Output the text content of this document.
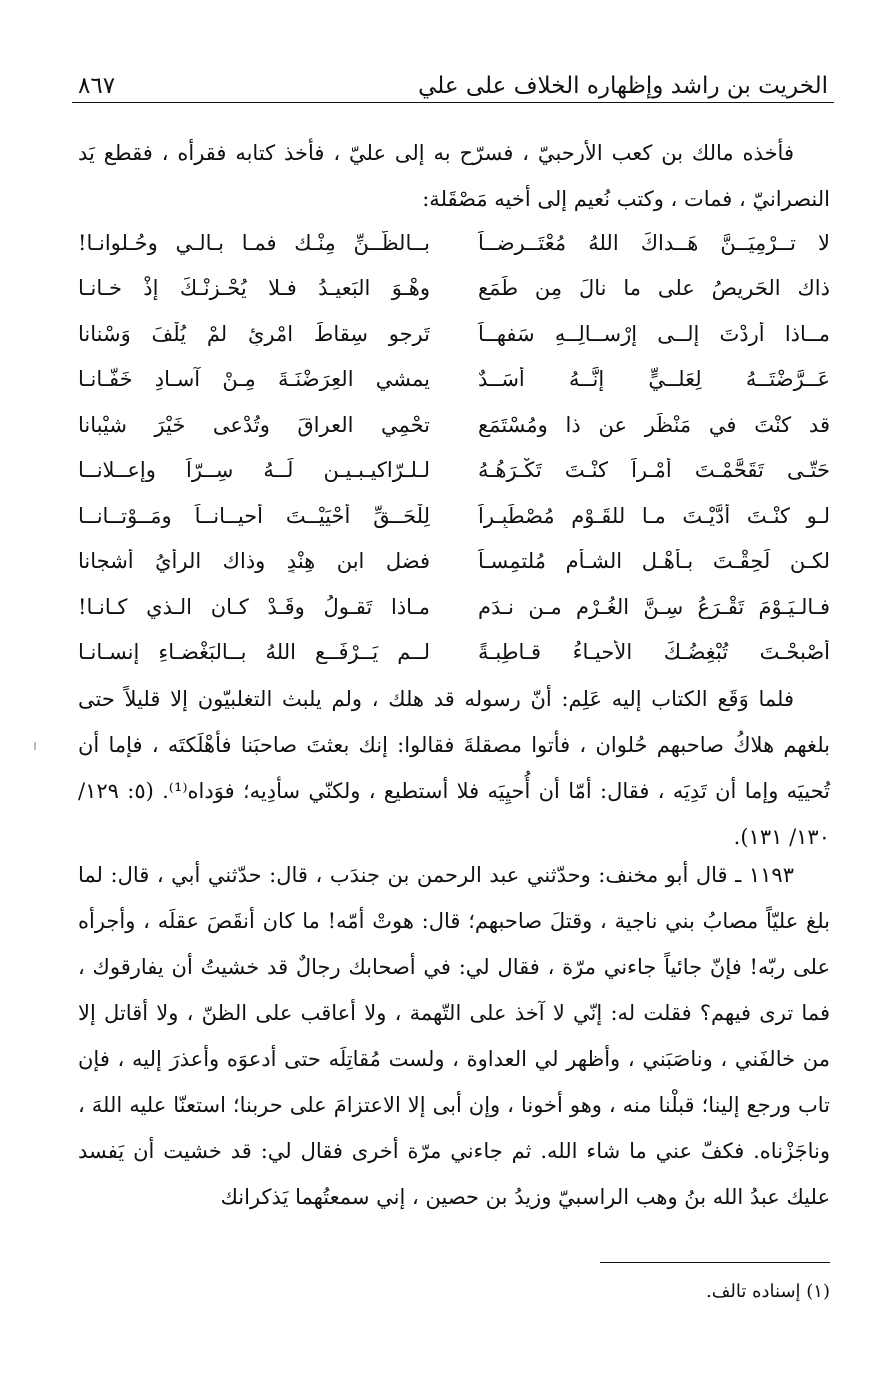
الخريت بن راشد وإظهاره الخلاف على علي
٨٦٧

فأخذه مالك بن كعب الأرحبيّ ، فسرّح به إلى عليّ ، فأخذ كتابه فقرأه ، فقطع يَد النصرانيّ ، فمات ، وكتب نُعيم إلى أخيه مَصْقَلة:

لا تــرْمِيَــنَّ هَــداكَ اللهُ مُعْتَــرِضــاً
بــالظَّــنِّ مِنْـك فمـا بـالـي وحُـلوانـا!
ذاك الحَريصُ على ما نالَ مِن طَمَعٍ
وهْـوَ البَعيـدُ فـلا يُحْـزِنْـكَ إذْ خـانـا
مــاذا أَردْتَ إلــى إرْســالِــهِ سَفهــاً
تَرجو سِقاطَ امْرِئٍ لمْ يُلْفَ وَسْنانا
عَــرَّضْتَــهُ لِعَلــيٍّ إنَّــهُ أَسَــدٌ
يمشي العِرَضْنَـةَ مِـنْ آسـادِ خَفّـانـا
قد كنْتَ في مَنْظَرٍ عن ذا ومُسْتَمَعٍ
تحْمِي العراقَ وتُدْعى خَيْرَ شيْبانا
حَتّـى تَقَحَّمْـتَ أَمْـراً كنْـتَ تَكْـرَهُـهُ
لـلـرّاكيـبـيـن لَــهُ سِــرّاً وإعــلانــا
لـو كنْـتَ أَدَّيْـتَ مـا للقَـوْمِ مُصْطَبِـراً
لِلْحَــقِّ أَحْيَيْــتَ أَحيــانــاً ومَــوْتــانــا
لكـن لَحِقْـتَ بـأَهْـلِ الشـأمِ مُلتمِسـاً
فضل ابن هِنْدٍ وذاك الرأيُ أَشجانا
فـالـيَـوْمَ تَقْـرَعُ سِـنَّ الغُـرْمِ مـن نـدَمٍ
مـاذا تَقـولُ وقَـدْ كـان الـذي كـانـا!
أَصْبحْـتَ تُبْغِضُـكَ الأَحيـاءُ قـاطِبـةً
لــم يَــرْفَــعِ اللهُ بــالبَغْضـاءِ إنسـانـا

فلما وَقَع الكتاب إليه عَلِم: أنّ رسوله قد هلك ، ولم يلبث التغلبيّون إلا قليلاً حتى بلغهم هلاكُ صاحبهم حُلوان ، فأتوا مصقلةَ فقالوا: إنك بعثتَ صاحبَنا فأهْلَكتَه ، فإما أن تُحييَه وإما أن تَدِيَه ، فقال: أمّا أن أُحيِيَه فلا أستطيع ، ولكنّي سأدِيه؛ فوَداه⁽¹⁾. (٥: ١٢٩/ ١٣٠/ ١٣١).

١١٩٣ ـ قال أبو مخنف: وحدّثني عبد الرحمن بن جندَب ، قال: حدّثني أبي ، قال: لما بلغ عليّاً مصابُ بني ناجية ، وقتلَ صاحبهم؛ قال: هوتْ أمّه! ما كان أنقَصَ عقلَه ، وأجرأه على ربّه! فإنّ جائياً جاءني مرّة ، فقال لي: في أصحابك رجالٌ قد خشيتُ أن يفارقوك ، فما ترى فيهم؟ فقلت له: إنّي لا آخذ على التّهمة ، ولا أعاقب على الظنّ ، ولا أقاتل إلا من خالفَني ، وناصَبَني ، وأظهر لي العداوة ، ولست مُقاتِلَه حتى أدعوَه وأعذرَ إليه ، فإن تاب ورجع إلينا؛ قبلْنا منه ، وهو أخونا ، وإن أبى إلا الاعتزامَ على حربنا؛ استعنّا عليه اللهَ ، وناجَزْناه. فكفّ عني ما شاء الله. ثم جاءني مرّة أخرى فقال لي: قد خشيت أن يَفسد عليك عبدُ الله بنُ وهب الراسبيّ وزيدُ بن حصين ، إني سمعتُهما يَذكرانك

(١) إسناده تالف.
